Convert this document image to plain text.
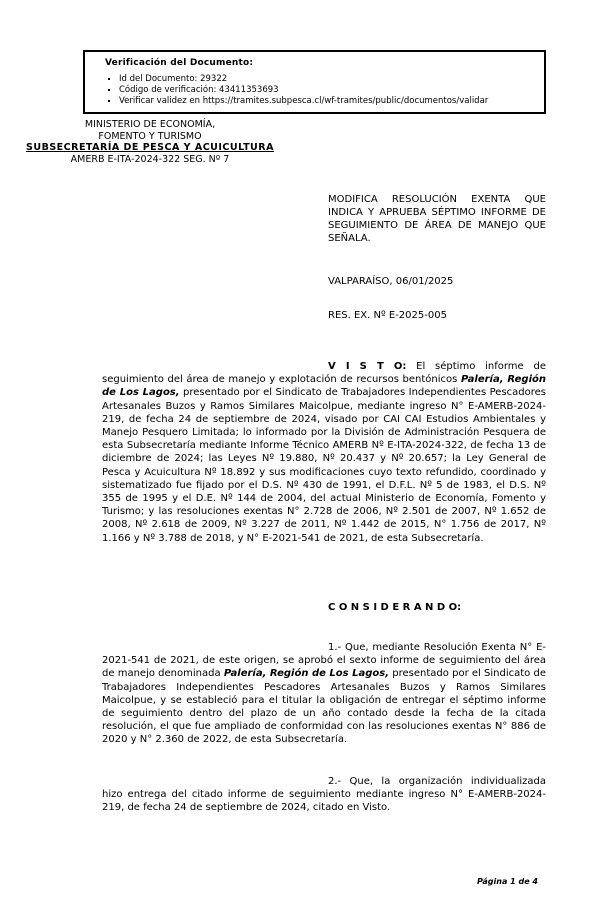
Verificación del Documento:
▪ Id del Documento: 29322
▪ Código de verificación: 43411353693
▪ Verificar validez en https://tramites.subpesca.cl/wf-tramites/public/documentos/validar
MINISTERIO DE ECONOMÍA,
FOMENTO Y TURISMO
SUBSECRETARÍA DE PESCA Y ACUICULTURA
AMERB E-ITA-2024-322 SEG. Nº 7
MODIFICA RESOLUCIÓN EXENTA QUE INDICA Y APRUEBA SÉPTIMO INFORME DE SEGUIMIENTO DE ÁREA DE MANEJO QUE SEÑALA.
VALPARAÍSO, 06/01/2025
RES. EX. Nº E-2025-005
V I S T O: El séptimo informe de seguimiento del área de manejo y explotación de recursos bentónicos Palería, Región de Los Lagos, presentado por el Sindicato de Trabajadores Independientes Pescadores Artesanales Buzos y Ramos Similares Maicolpue, mediante ingreso N° E-AMERB-2024-219, de fecha 24 de septiembre de 2024, visado por CAI CAI Estudios Ambientales y Manejo Pesquero Limitada; lo informado por la División de Administración Pesquera de esta Subsecretaría mediante Informe Técnico AMERB Nº E-ITA-2024-322, de fecha 13 de diciembre de 2024; las Leyes Nº 19.880, Nº 20.437 y Nº 20.657; la Ley General de Pesca y Acuicultura Nº 18.892 y sus modificaciones cuyo texto refundido, coordinado y sistematizado fue fijado por el D.S. Nº 430 de 1991, el D.F.L. Nº 5 de 1983, el D.S. Nº 355 de 1995 y el D.E. Nº 144 de 2004, del actual Ministerio de Economía, Fomento y Turismo; y las resoluciones exentas N° 2.728 de 2006, Nº 2.501 de 2007, Nº 1.652 de 2008, Nº 2.618 de 2009, Nº 3.227 de 2011, Nº 1.442 de 2015, N° 1.756 de 2017, Nº 1.166 y Nº 3.788 de 2018, y N° E-2021-541 de 2021, de esta Subsecretaría.
C O N S I D E R A N D O:
1.- Que, mediante Resolución Exenta N° E-2021-541 de 2021, de este origen, se aprobó el sexto informe de seguimiento del área de manejo denominada Palería, Región de Los Lagos, presentado por el Sindicato de Trabajadores Independientes Pescadores Artesanales Buzos y Ramos Similares Maicolpue, y se estableció para el titular la obligación de entregar el séptimo informe de seguimiento dentro del plazo de un año contado desde la fecha de la citada resolución, el que fue ampliado de conformidad con las resoluciones exentas N° 886 de 2020 y N° 2.360 de 2022, de esta Subsecretaría.
2.- Que, la organización individualizada hizo entrega del citado informe de seguimiento mediante ingreso N° E-AMERB-2024-219, de fecha 24 de septiembre de 2024, citado en Visto.
Página 1 de 4
